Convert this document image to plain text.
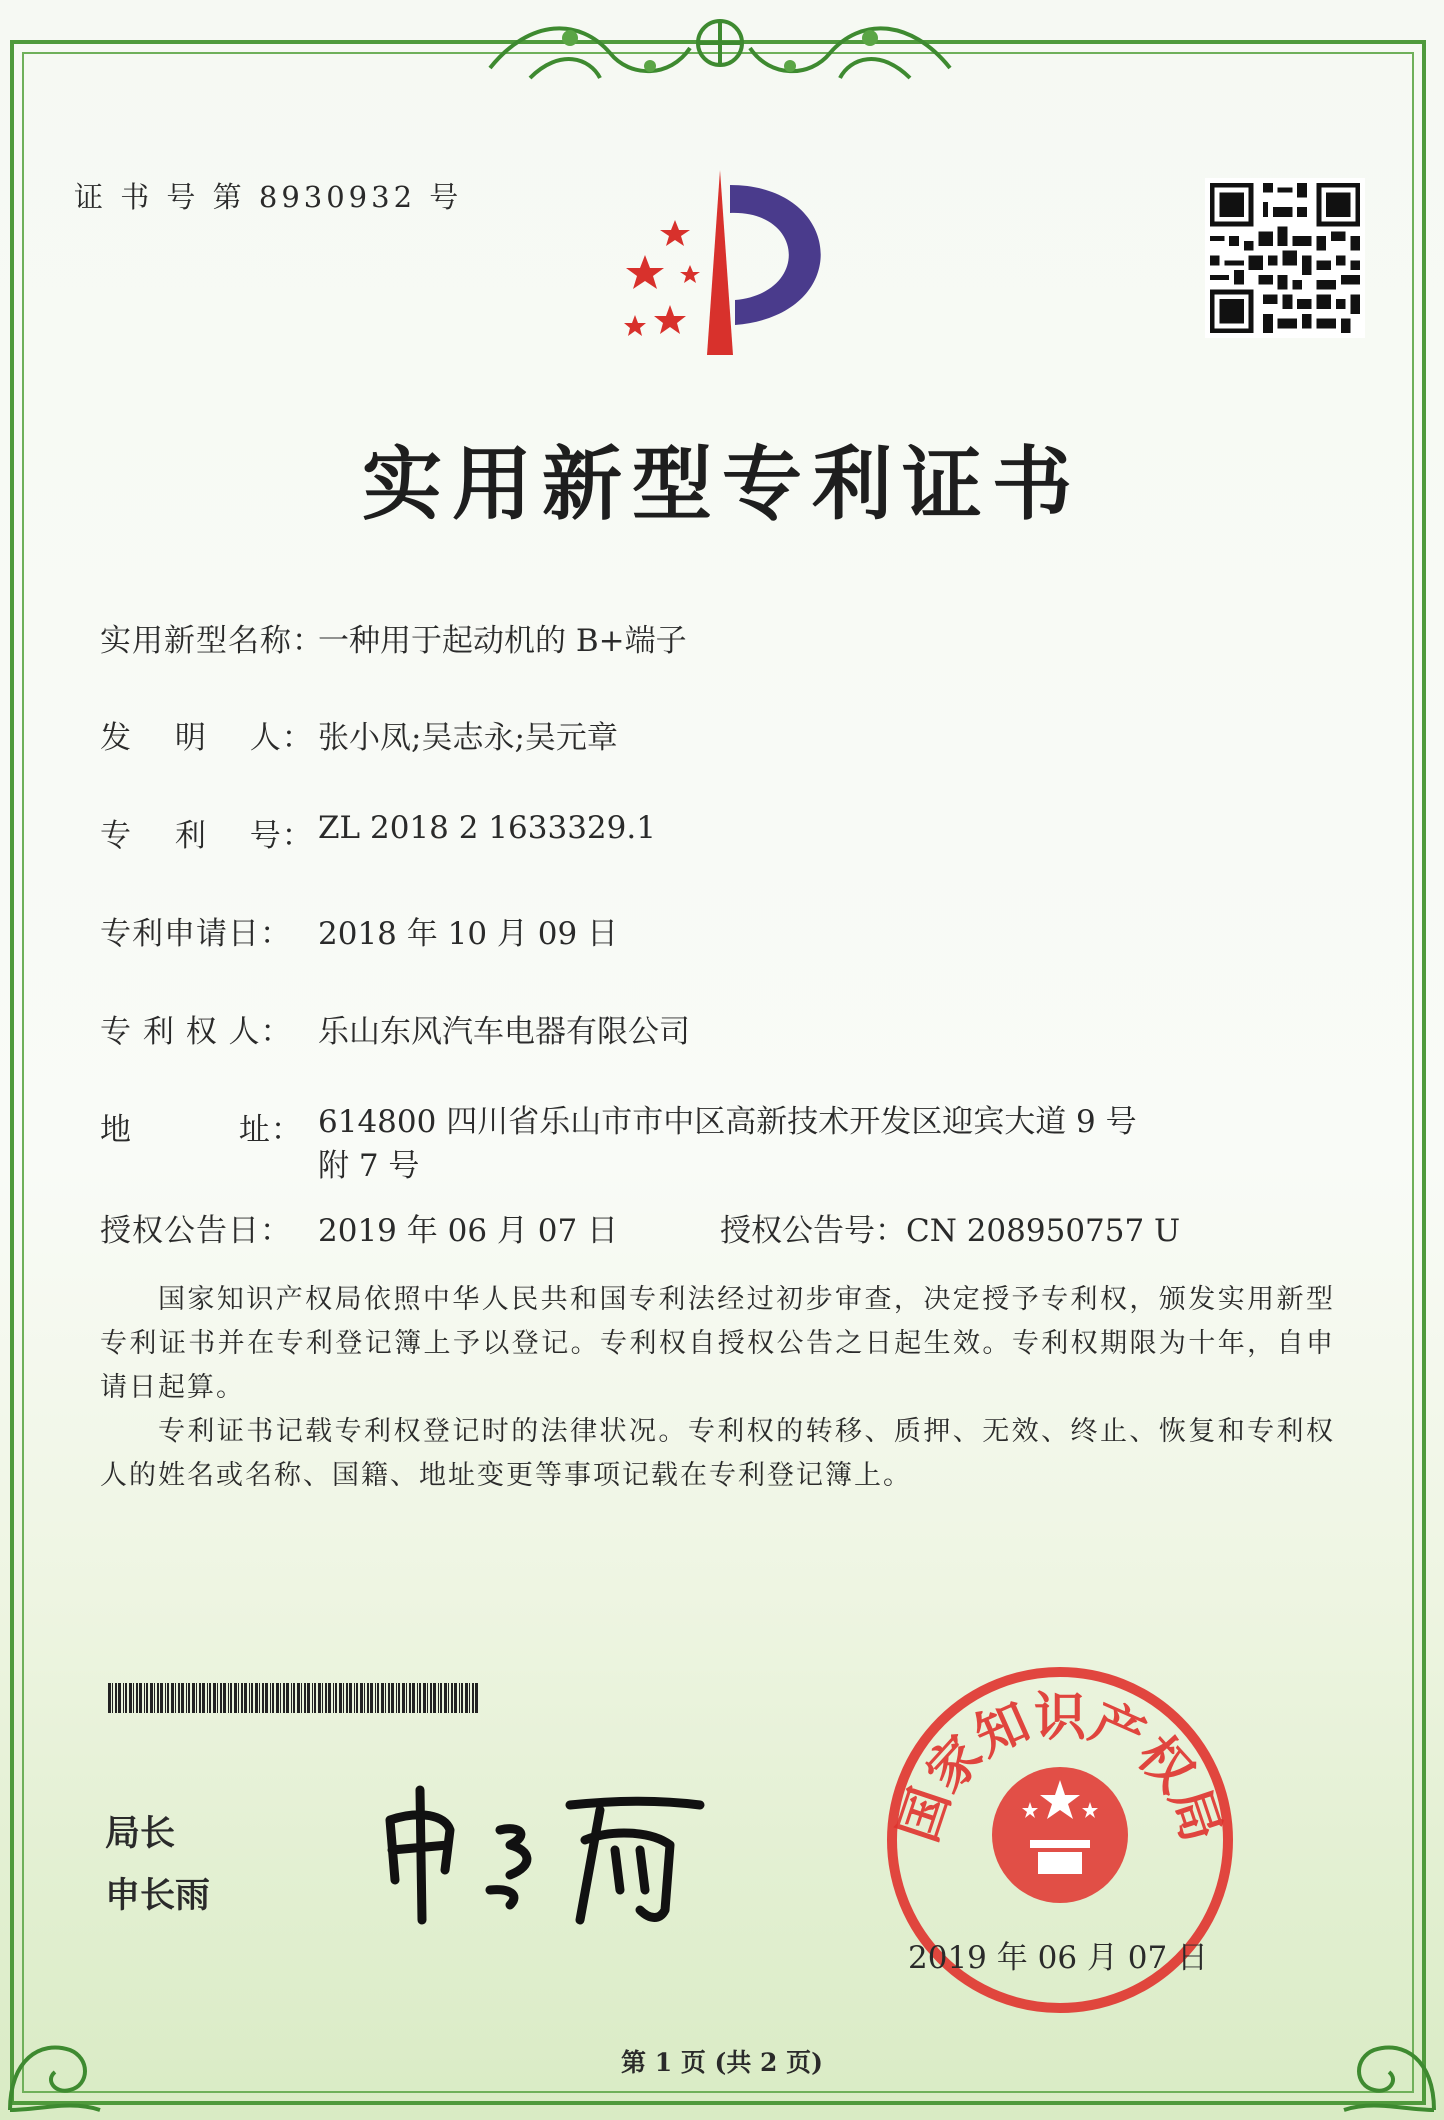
证 书 号 第 8930932 号
实用新型专利证书
实用新型名称：一种用于起动机的 B+端子
发　 明　 人： 张小凤;吴志永;吴元章
专　 利　 号： ZL 2018 2 1633329.1
专利申请日： 2018 年 10 月 09 日
专 利 权 人： 乐山东风汽车电器有限公司
地　　　 址： 614800 四川省乐山市市中区高新技术开发区迎宾大道 9 号
附 7 号
授权公告日： 2019 年 06 月 07 日	授权公告号：CN 208950757 U

国家知识产权局依照中华人民共和国专利法经过初步审查，决定授予专利权，颁发实用新型专利证书并在专利登记簿上予以登记。专利权自授权公告之日起生效。专利权期限为十年，自申请日起算。

专利证书记载专利权登记时的法律状况。专利权的转移、质押、无效、终止、恢复和专利权人的姓名或名称、国籍、地址变更等事项记载在专利登记簿上。

局长
申长雨
国家知识产权局
2019 年 06 月 07 日
第 1 页 (共 2 页)
